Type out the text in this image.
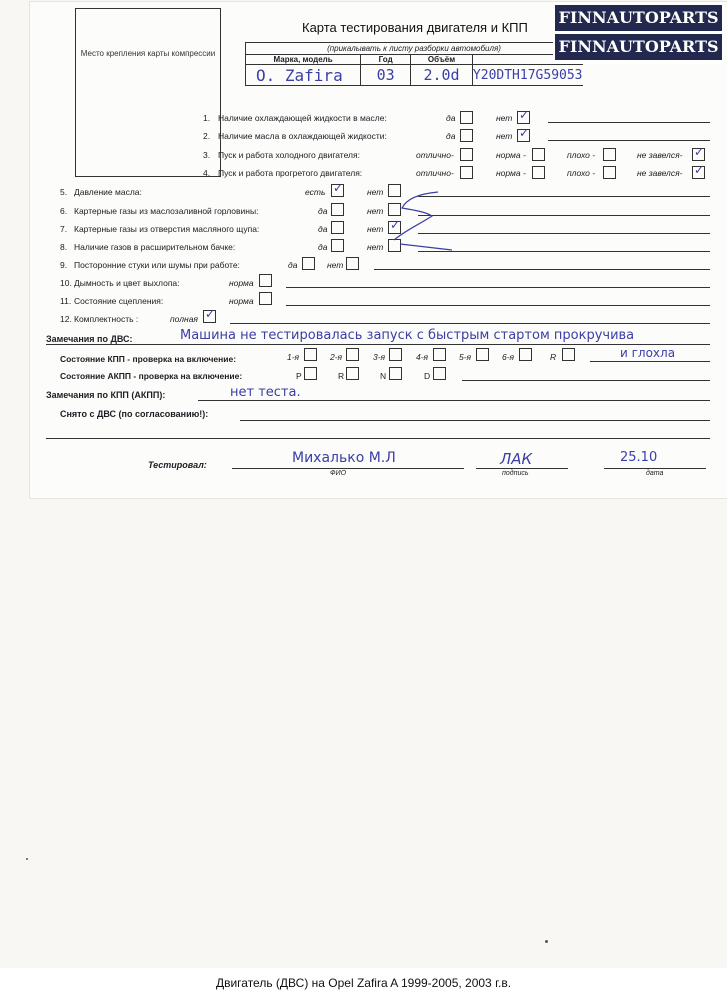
Место крепления карты компрессии
Карта тестирования двигателя и КПП
(прикалывать к листу разборки автомобиля)			
Марка, модель	Год	Объём	
O. Zafira	03	2.0d	Y20DTH17G59053
FINNAUTOPARTS
FINNAUTOPARTS
1. Наличие охлаждающей жидкости в масле:	да	нет ✓
2. Наличие масла в охлаждающей жидкости:	да	нет ✓
3. Пуск и работа холодного двигателя:	отлично-	норма -	плохо -	не завелся- ✓
4. Пуск и работа прогретого двигателя:	отлично-	норма -	плохо -	не завелся- ✓
5. Давление масла:	есть ✓	нет
6. Картерные газы из маслозаливной горловины:	да	нет
7. Картерные газы из отверстия масляного щупа:	да	нет ✓
8. Наличие газов в расширительном бачке:	да	нет
9. Посторонние стуки или шумы при работе:	да	нет
10. Дымность и цвет выхлопа:	норма
11. Состояние сцепления:	норма
12. Комплектность :	полная ✓
Замечания по ДВС:	Машина не тестировалась запуск с быстрым стартом прокручива
Состояние КПП - проверка на включение:	1-я	2-я	3-я	4-я	5-я	6-я	R	и глохла
Состояние АКПП - проверка на включение:	P	R	N	D
Замечания по КПП (АКПП):	нет теста.
Снято с ДВС (по согласованию!):
Тестировал:	Михалько М.Л
ФИО
ЛАК
подпись
25.10
дата
Двигатель (ДВС) на Opel Zafira A 1999-2005, 2003 г.в.
